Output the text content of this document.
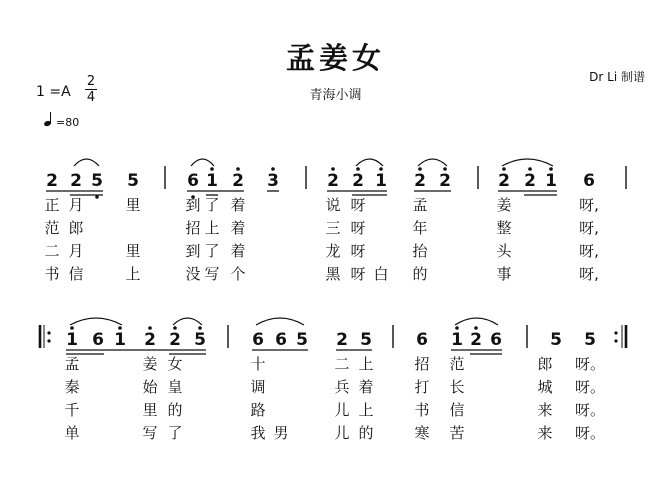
孟姜女
青海小调
Dr Li 制谱
1 =A
2
4
=80
2 2 5 5	6 1 2 3	2 2 1 2 2	2 2 1 6
正 月	里	到 了 着	说 呀	孟	姜	呀,
范 郎	招 上 着	三 呀	年	整	呀,
二 月	里	到 了 着	龙 呀	抬	头	呀,
书 信	上	没 写 个	黑 呀 白 的	事	呀,
1 6 1 2 2 5	6 6 5 2 5	6 1 2 6	5 5
孟	姜 女	十	二 上	招 范	郎 呀。
秦	始 皇	调	兵 着	打 长	城 呀。
千	里 的	路	儿 上	书 信	来 呀。
单	写 了	我 男	儿 的	寒 苦	来 呀。
